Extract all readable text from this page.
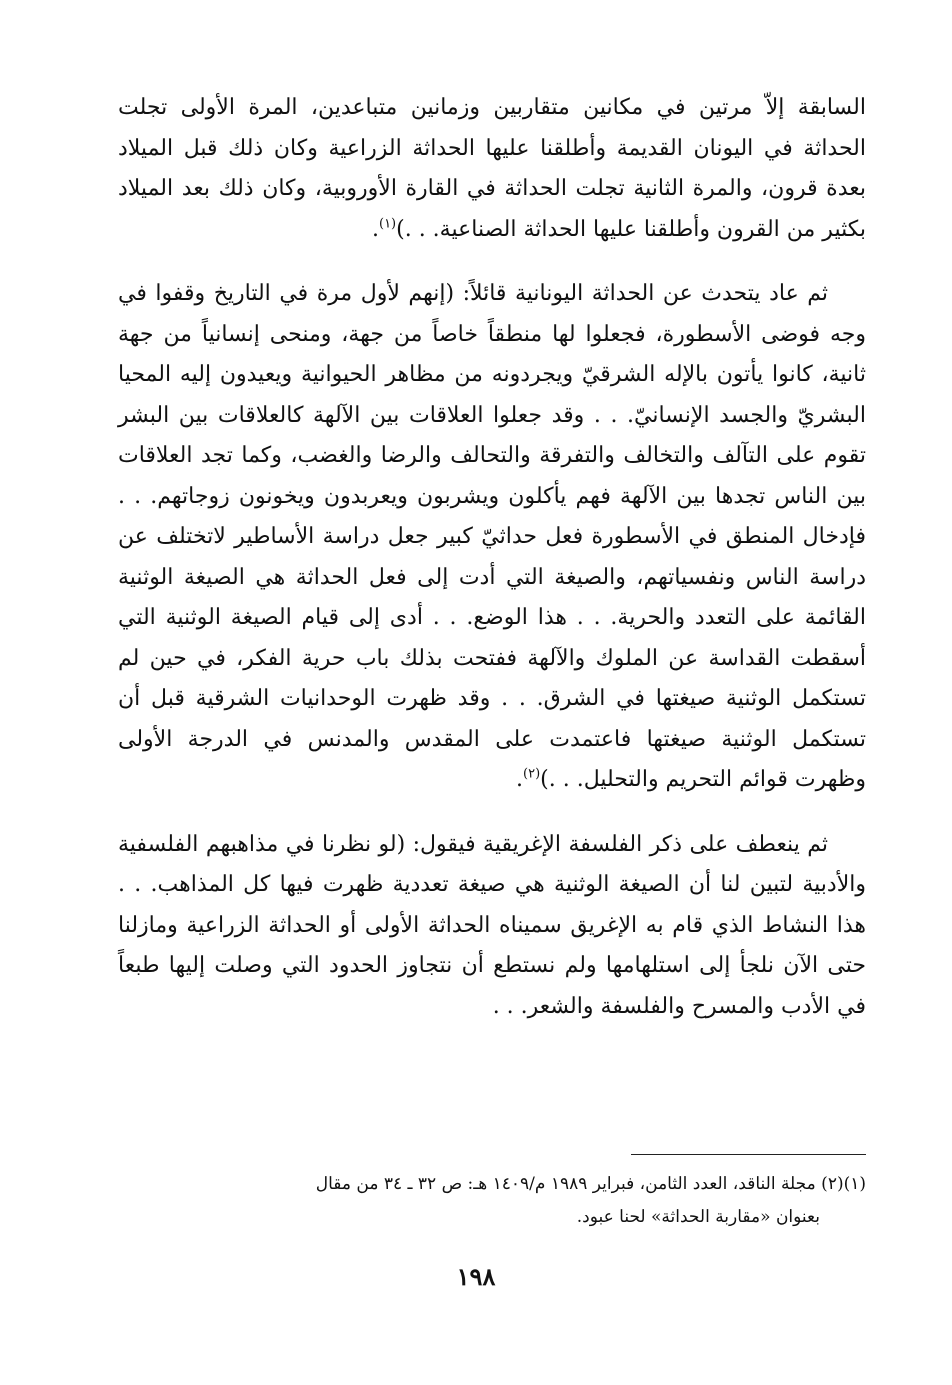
السابقة إلاّ مرتين في مكانين متقاربين وزمانين متباعدين، المرة الأولى تجلت الحداثة في اليونان القديمة وأطلقنا عليها الحداثة الزراعية وكان ذلك قبل الميلاد بعدة قرون، والمرة الثانية تجلت الحداثة في القارة الأوروبية، وكان ذلك بعد الميلاد بكثير من القرون وأطلقنا عليها الحداثة الصناعية. . .)$^{(١)}$.

ثم عاد يتحدث عن الحداثة اليونانية قائلاً: (إنهم لأول مرة في التاريخ وقفوا في وجه فوضى الأسطورة، فجعلوا لها منطقاً خاصاً من جهة، ومنحى إنسانياً من جهة ثانية، كانوا يأتون بالإله الشرقيّ ويجردونه من مظاهر الحيوانية ويعيدون إليه المحيا البشريّ والجسد الإنسانيّ. . . وقد جعلوا العلاقات بين الآلهة كالعلاقات بين البشر تقوم على التآلف والتخالف والتفرقة والتحالف والرضا والغضب، وكما تجد العلاقات بين الناس تجدها بين الآلهة فهم يأكلون ويشربون ويعربدون ويخونون زوجاتهم. . . فإدخال المنطق في الأسطورة فعل حداثيّ كبير جعل دراسة الأساطير لاتختلف عن دراسة الناس ونفسياتهم، والصيغة التي أدت إلى فعل الحداثة هي الصيغة الوثنية القائمة على التعدد والحرية. . . هذا الوضع. . . أدى إلى قيام الصيغة الوثنية التي أسقطت القداسة عن الملوك والآلهة ففتحت بذلك باب حرية الفكر، في حين لم تستكمل الوثنية صيغتها في الشرق. . . وقد ظهرت الوحدانيات الشرقية قبل أن تستكمل الوثنية صيغتها فاعتمدت على المقدس والمدنس في الدرجة الأولى وظهرت قوائم التحريم والتحليل. . .)$^{(٢)}$.

ثم ينعطف على ذكر الفلسفة الإغريقية فيقول: (لو نظرنا في مذاهبهم الفلسفية والأدبية لتبين لنا أن الصيغة الوثنية هي صيغة تعددية ظهرت فيها كل المذاهب. . . هذا النشاط الذي قام به الإغريق سميناه الحداثة الأولى أو الحداثة الزراعية ومازلنا حتى الآن نلجأ إلى استلهامها ولم نستطع أن نتجاوز الحدود التي وصلت إليها طبعاً في الأدب والمسرح والفلسفة والشعر. . .

(١)(٢) مجلة الناقد، العدد الثامن، فبراير ١٩٨٩ م/١٤٠٩ هـ: ص ٣٢ ـ ٣٤ من مقال
بعنوان «مقاربة الحداثة» لحنا عبود.
١٩٨
